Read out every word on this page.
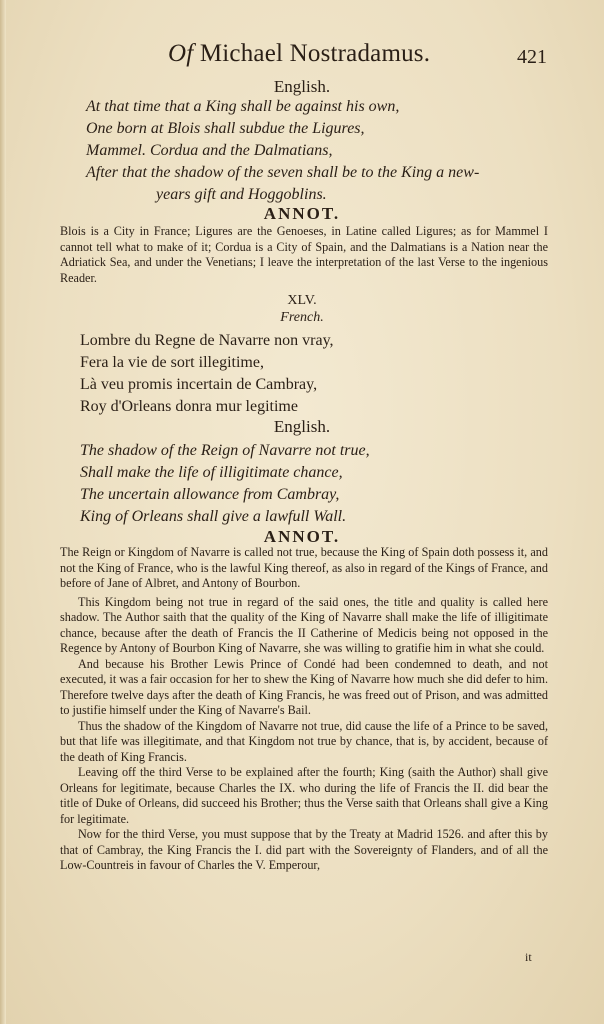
Of Michael Nostradamus.	421
English.
At that time that a King shall be against his own,
One born at Blois shall subdue the Ligures,
Mammel. Cordua and the Dalmatians,
After that the shadow of the seven shall be to the King a new-
years gift and Hoggoblins.
ANNOT.

Blois is a City in France; Ligures are the Genoeses, in Latine called Ligures; as for Mammel I cannot tell what to make of it; Cordua is a City of Spain, and the Dalmatians is a Nation near the Adriatick Sea, and under the Venetians; I leave the interpretation of the last Verse to the ingenious Reader.

XLV.
French.
Lombre du Regne de Navarre non vray,
Fera la vie de sort illegitime,
Là veu promis incertain de Cambray,
Roy d'Orleans donra mur legitime
English.
The shadow of the Reign of Navarre not true,
Shall make the life of illigitimate chance,
The uncertain allowance from Cambray,
King of Orleans shall give a lawfull Wall.
ANNOT.

The Reign or Kingdom of Navarre is called not true, because the King of Spain doth possess it, and not the King of France, who is the lawful King thereof, as also in regard of the Kings of France, and before of Jane of Albret, and Antony of Bourbon.

This Kingdom being not true in regard of the said ones, the title and quality is called here shadow. The Author saith that the quality of the King of Navarre shall make the life of illigitimate chance, because after the death of Francis the II Catherine of Medicis being not opposed in the Regence by Antony of Bourbon King of Navarre, she was willing to gratifie him in what she could.

And because his Brother Lewis Prince of Condé had been condemned to death, and not executed, it was a fair occasion for her to shew the King of Navarre how much she did defer to him. Therefore twelve days after the death of King Francis, he was freed out of Prison, and was admitted to justifie himself under the King of Navarre's Bail.

Thus the shadow of the Kingdom of Navarre not true, did cause the life of a Prince to be saved, but that life was illegitimate, and that Kingdom not true by chance, that is, by accident, because of the death of King Francis.

Leaving off the third Verse to be explained after the fourth; King (saith the Author) shall give Orleans for legitimate, because Charles the IX. who during the life of Francis the II. did bear the title of Duke of Orleans, did succeed his Brother; thus the Verse saith that Orleans shall give a King for legitimate.

Now for the third Verse, you must suppose that by the Treaty at Madrid 1526. and after this by that of Cambray, the King Francis the I. did part with the Sovereignty of Flanders, and of all the Low-Countreis in favour of Charles the V. Emperour,

it
